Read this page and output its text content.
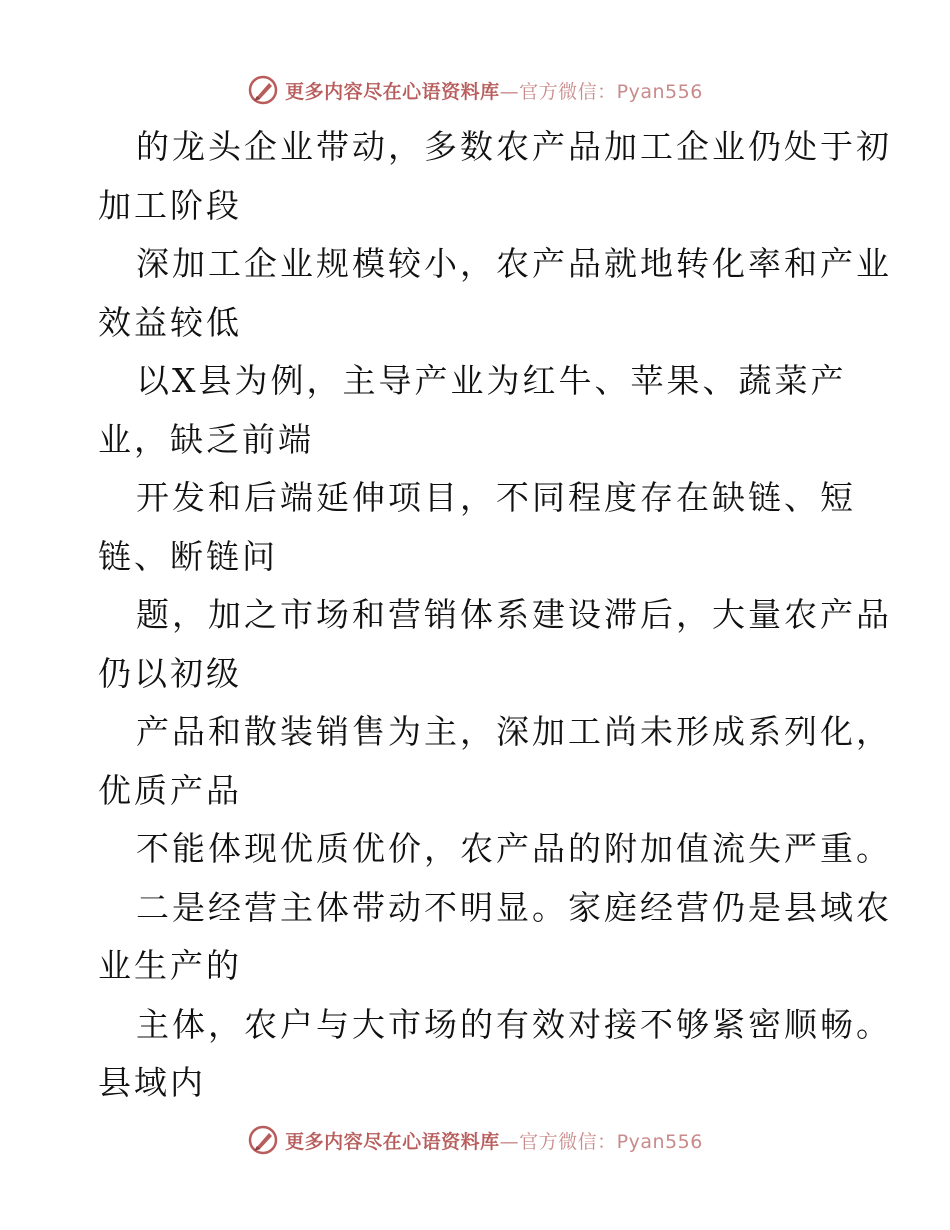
更多内容尽在心语资料库—官方微信：Pyan556

的龙头企业带动，多数农产品加工企业仍处于初
加工阶段

深加工企业规模较小，农产品就地转化率和产业
效益较低

以X县为例，主导产业为红牛、苹果、蔬菜产
业，缺乏前端

开发和后端延伸项目，不同程度存在缺链、短
链、断链问

题，加之市场和营销体系建设滞后，大量农产品
仍以初级

产品和散装销售为主，深加工尚未形成系列化，
优质产品

不能体现优质优价，农产品的附加值流失严重。

二是经营主体带动不明显。家庭经营仍是县域农
业生产的

主体，农户与大市场的有效对接不够紧密顺畅。
县域内

更多内容尽在心语资料库—官方微信：Pyan556
